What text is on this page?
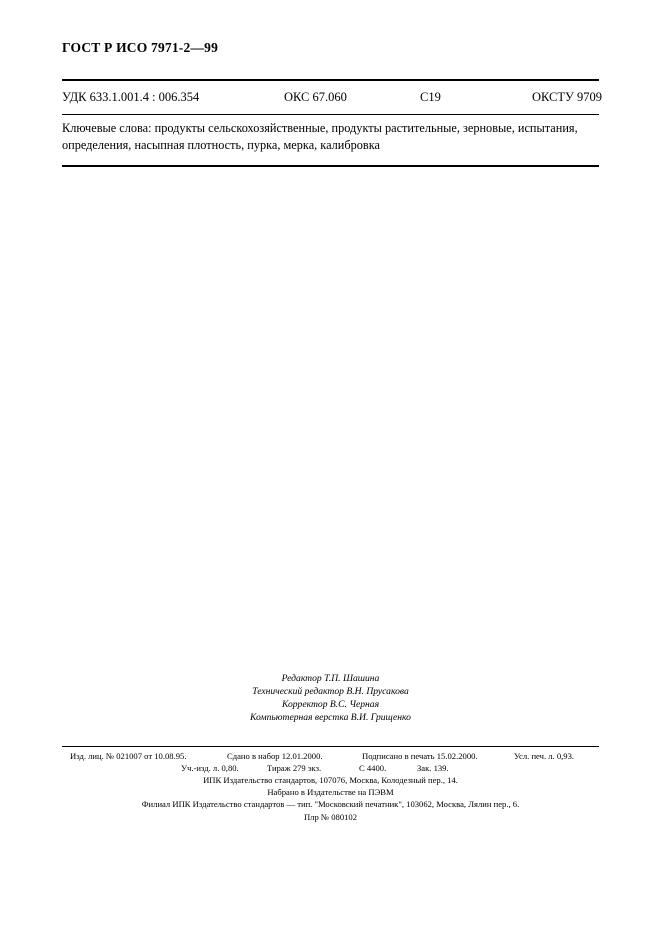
ГОСТ Р ИСО 7971-2—99
УДК 633.1.001.4 : 006.354	ОКС 67.060	С19	ОКСТУ 9709
Ключевые слова: продукты сельскохозяйственные, продукты растительные, зерновые, испытания, определения, насыпная плотность, пурка, мерка, калибровка
Редактор Т.П. Шашина
Технический редактор В.Н. Прусакова
Корректор В.С. Черная
Компьютерная верстка В.И. Грищенко
Изд. лиц. № 021007 от 10.08.95.	Сдано в набор 12.01.2000.	Подписано в печать 15.02.2000.	Усл. печ. л. 0,93.
Уч.-изд. л. 0,80.	Тираж 279 экз.	С 4400.	Зак. 139.
ИПК Издательство стандартов, 107076, Москва, Колодезный пер., 14.
Набрано в Издательстве на ПЭВМ
Филиал ИПК Издательство стандартов — тип. "Московский печатник", 103062, Москва, Лялин пер., 6.
Плр № 080102
